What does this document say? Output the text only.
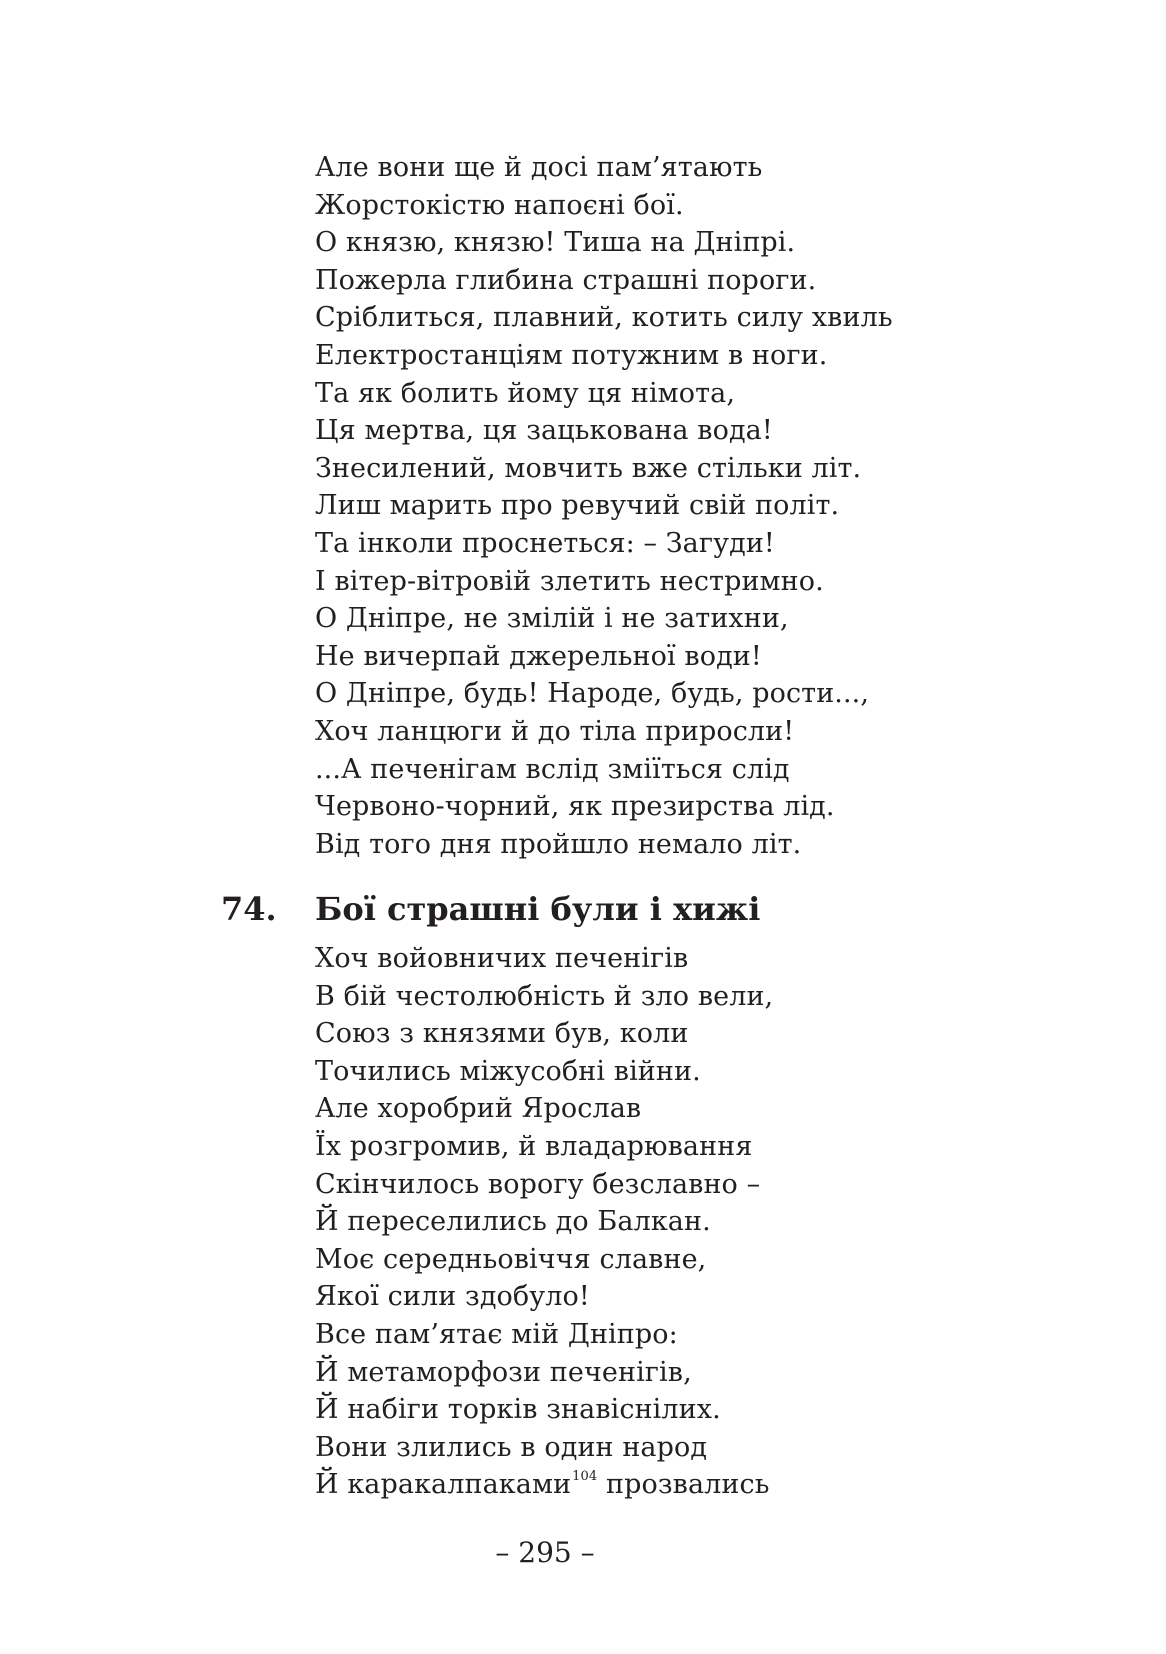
Але вони ще й досі пам’ятають
Жорстокістю напоєні бої.
О князю, князю! Тиша на Дніпрі.
Пожерла глибина страшні пороги.
Сріблиться, плавний, котить силу хвиль
Електростанціям потужним в ноги.
Та як болить йому ця німота,
Ця мертва, ця зацькована вода!
Знесилений, мовчить вже стільки літ.
Лиш марить про ревучий свій політ.
Та інколи проснеться: – Загуди!
І вітер-вітровій злетить нестримно.
О Дніпре, не змілій і не затихни,
Не вичерпай джерельної води!
О Дніпре, будь! Народе, будь, рости...,
Хоч ланцюги й до тіла приросли!
...А печенігам вслід зміїться слід
Червоно-чорний, як презирства лід.
Від того дня пройшло немало літ.
74. Бої страшні були і хижі
Хоч войовничих печенігів
В бій честолюбність й зло вели,
Союз з князями був, коли
Точились міжусобні війни.
Але хоробрий Ярослав
Їх розгромив, й владарювання
Скінчилось ворогу безславно –
Й переселились до Балкан.
Моє середньовіччя славне,
Якої сили здобуло!
Все пам’ятає мій Дніпро:
Й метаморфози печенігів,
Й набіги торків знавіснілих.
Вони злились в один народ
Й каракалпаками$^{104}$ прозвались
– 295 –
